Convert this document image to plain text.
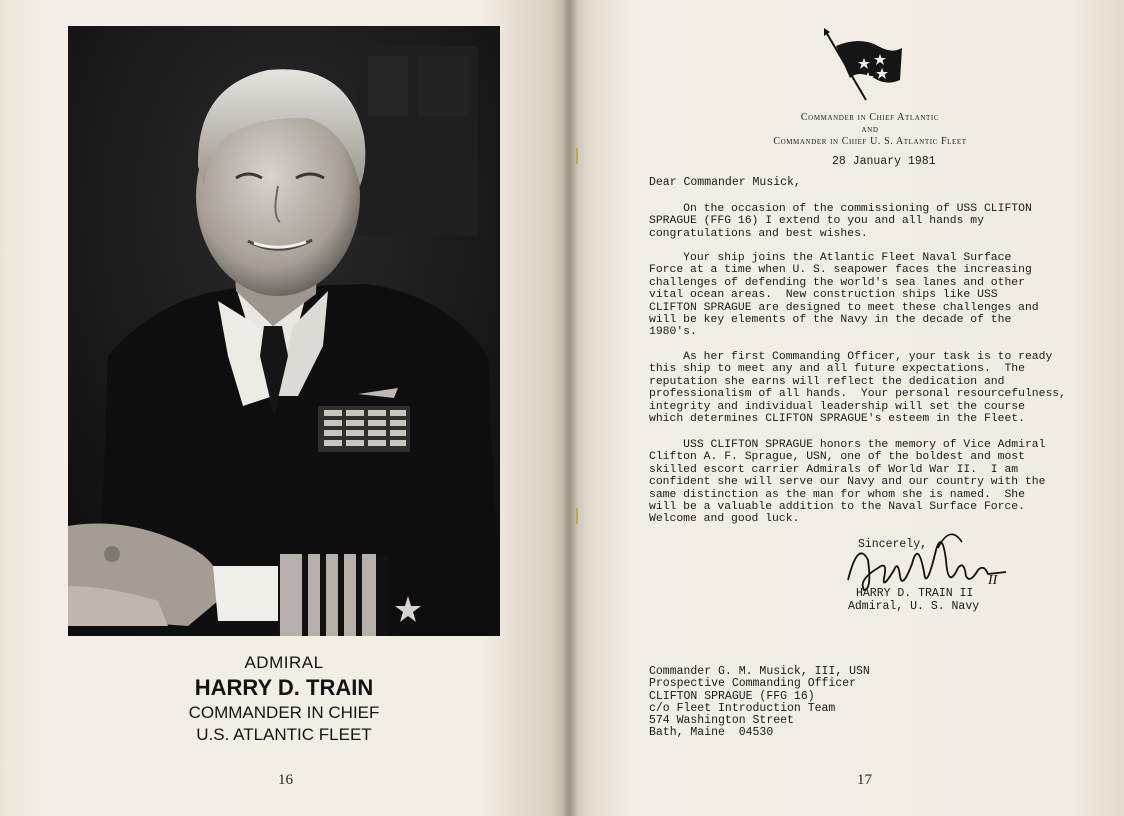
ADMIRAL
HARRY D. TRAIN
COMMANDER IN CHIEF
U.S. ATLANTIC FLEET
16
Commander in Chief Atlantic
and
Commander in Chief U. S. Atlantic Fleet
28 January 1981
Dear Commander Musick,
On the occasion of the commissioning of USS CLIFTON
SPRAGUE (FFG 16) I extend to you and all hands my
congratulations and best wishes.
Your ship joins the Atlantic Fleet Naval Surface
Force at a time when U. S. seapower faces the increasing
challenges of defending the world's sea lanes and other
vital ocean areas.  New construction ships like USS
CLIFTON SPRAGUE are designed to meet these challenges and
will be key elements of the Navy in the decade of the
1980's.
As her first Commanding Officer, your task is to ready
this ship to meet any and all future expectations.  The
reputation she earns will reflect the dedication and
professionalism of all hands.  Your personal resourcefulness,
integrity and individual leadership will set the course
which determines CLIFTON SPRAGUE's esteem in the Fleet.
USS CLIFTON SPRAGUE honors the memory of Vice Admiral
Clifton A. F. Sprague, USN, one of the boldest and most
skilled escort carrier Admirals of World War II.  I am
confident she will serve our Navy and our country with the
same distinction as the man for whom she is named.  She
will be a valuable addition to the Naval Surface Force.
Welcome and good luck.
Sincerely,
II
HARRY D. TRAIN II
Admiral, U. S. Navy
Commander G. M. Musick, III, USN
Prospective Commanding Officer
CLIFTON SPRAGUE (FFG 16)
c/o Fleet Introduction Team
574 Washington Street
Bath, Maine  04530
17
